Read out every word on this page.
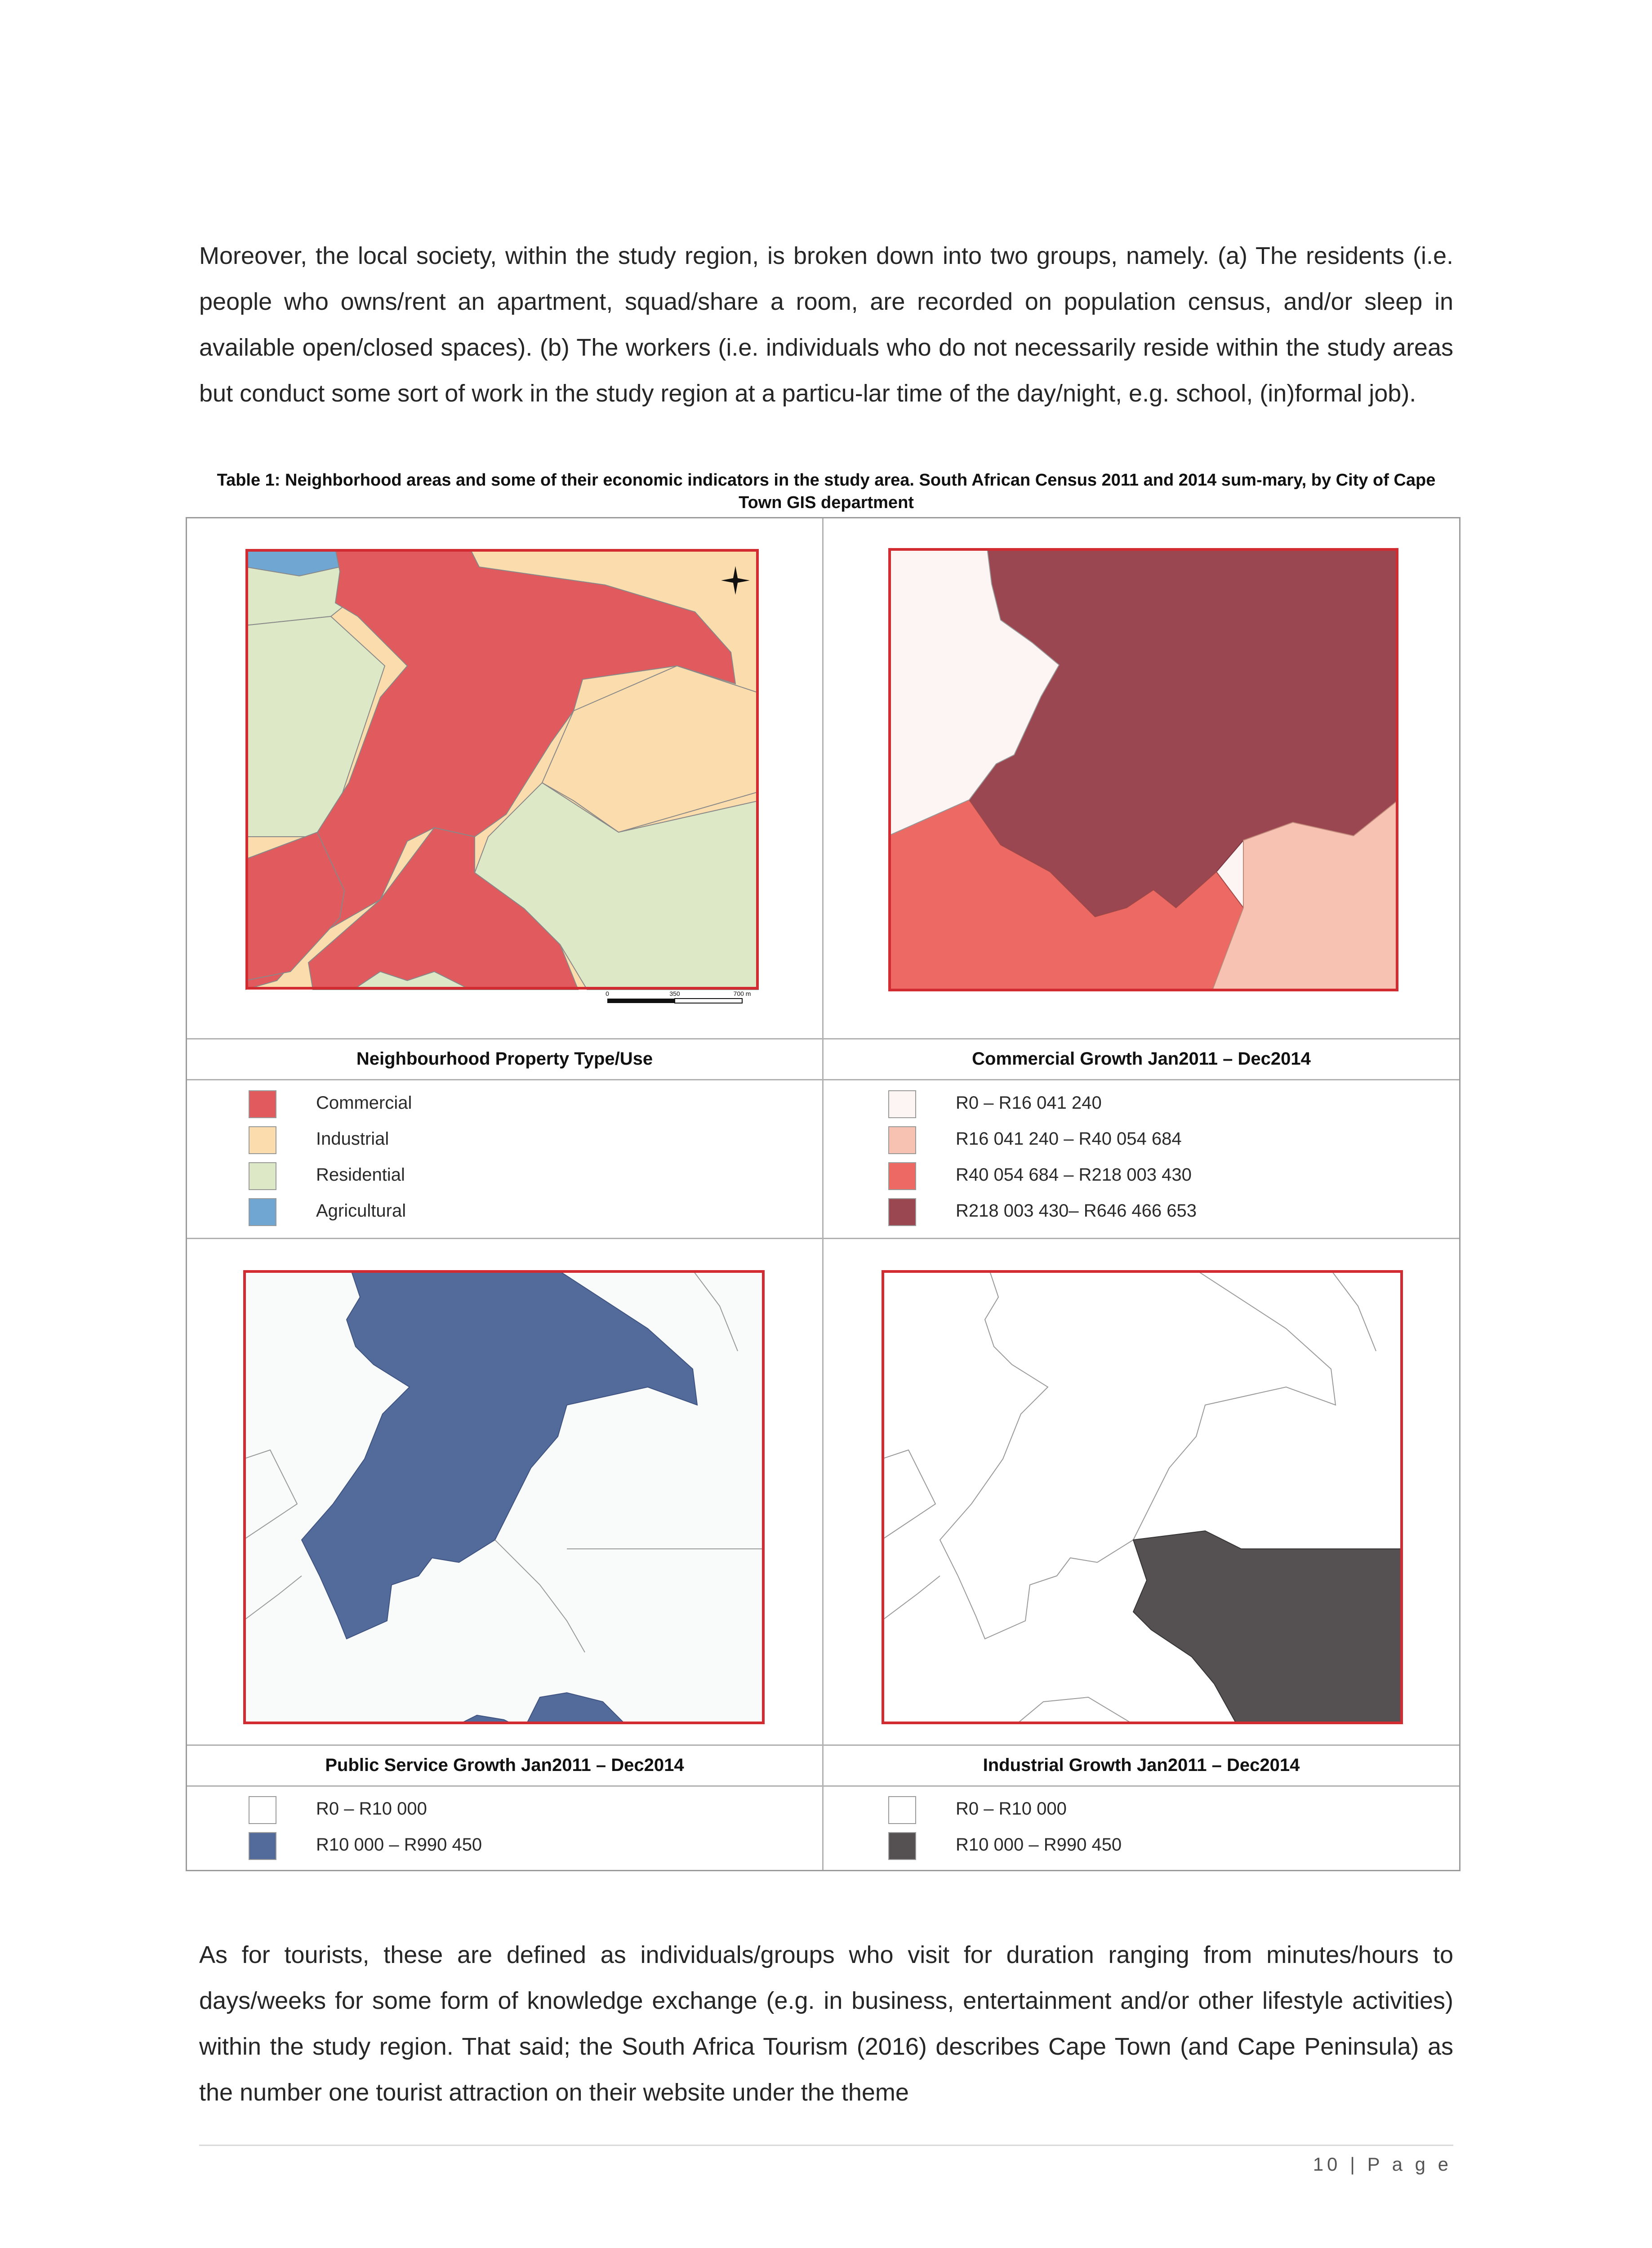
Moreover, the local society, within the study region, is broken down into two groups, namely. (a) The residents (i.e. people who owns/rent an apartment, squad/share a room, are recorded on population census, and/or sleep in available open/closed spaces). (b) The workers (i.e. individuals who do not necessarily reside within the study areas but conduct some sort of work in the study region at a particu-lar time of the day/night, e.g. school, (in)formal job).
Table 1: Neighborhood areas and some of their economic indicators in the study area. South African Census 2011 and 2014 sum-mary, by City of Cape Town GIS department
0	350	700 m
Neighbourhood Property Type/Use	Commercial Growth Jan2011 – Dec2014
Commercial
Industrial
Residential
Agricultural
R0 – R16 041 240
R16 041 240 – R40 054 684
R40 054 684 – R218 003 430
R218 003 430– R646 466 653
Public Service Growth Jan2011 – Dec2014	Industrial Growth Jan2011 – Dec2014
R0 – R10 000
R10 000 – R990 450
R0 – R10 000
R10 000 – R990 450
As for tourists, these are defined as individuals/groups who visit for duration ranging from minutes/hours to days/weeks for some form of knowledge exchange (e.g. in business, entertainment and/or other lifestyle activities) within the study region. That said; the South Africa Tourism (2016) describes Cape Town (and Cape Peninsula) as the number one tourist attraction on their website under the theme
10 | P a g e
